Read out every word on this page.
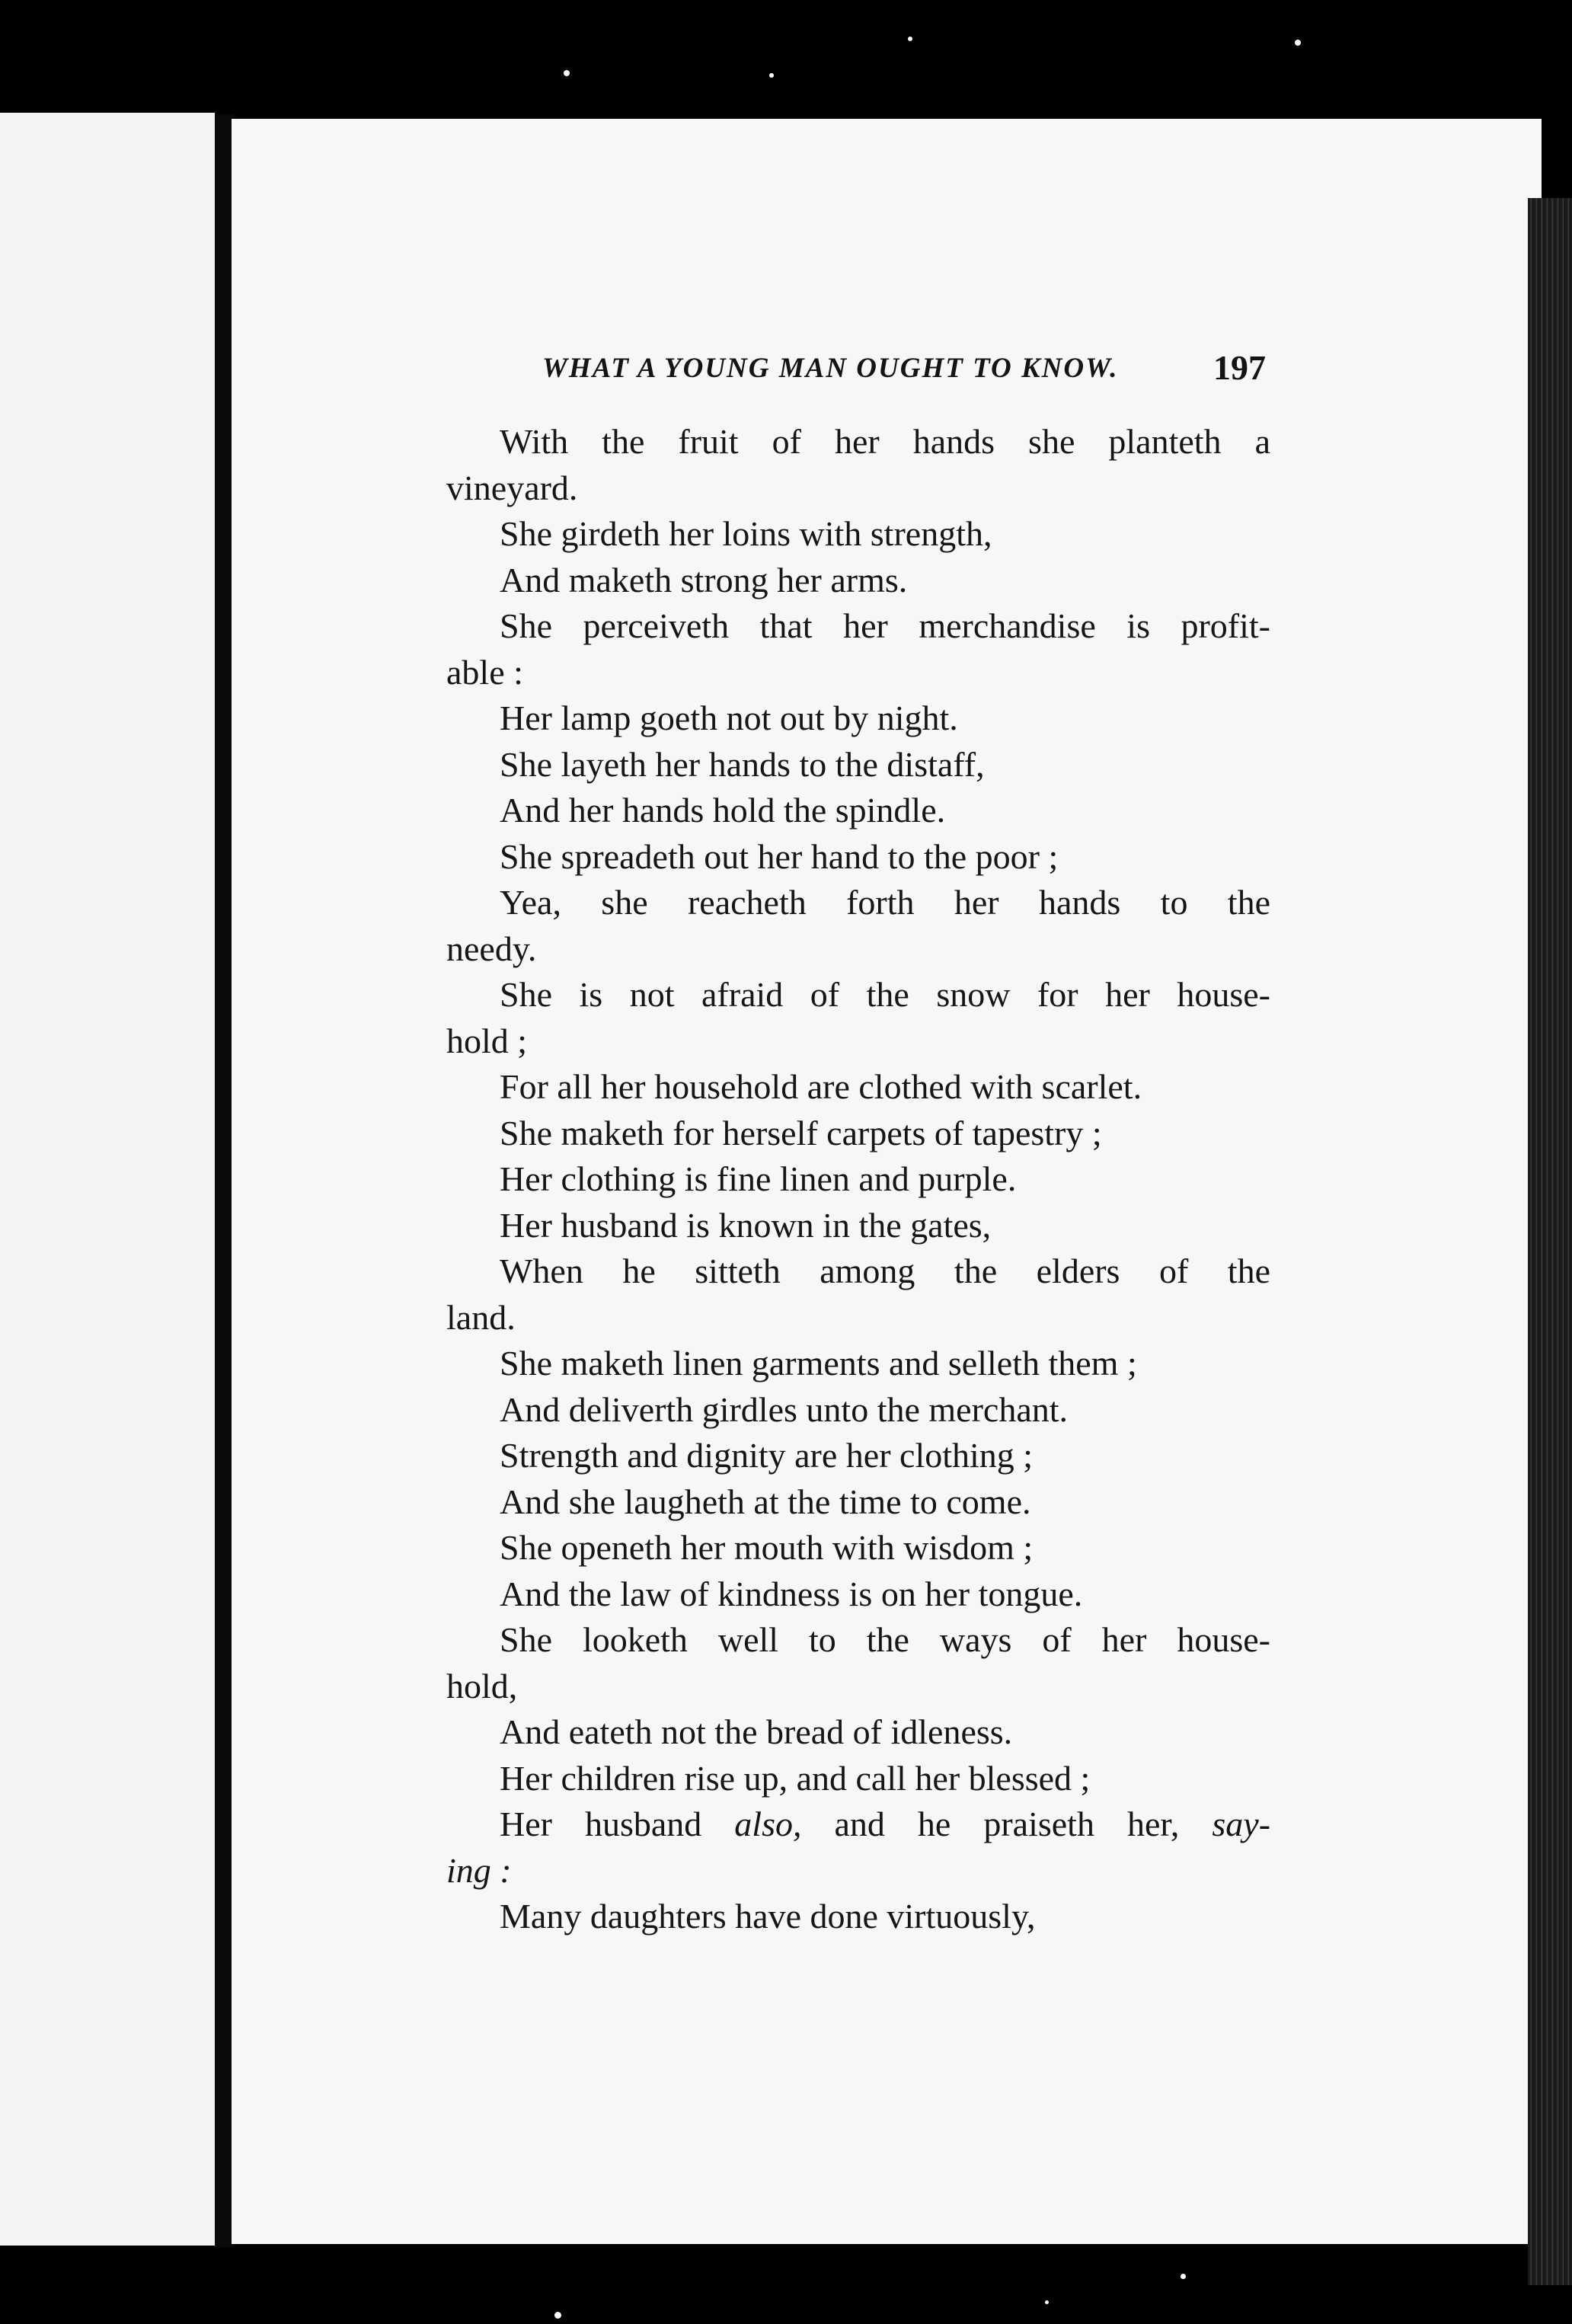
WHAT A YOUNG MAN OUGHT TO KNOW.	197
With the fruit of her hands she planteth a
vineyard.
She girdeth her loins with strength,
And maketh strong her arms.
She perceiveth that her merchandise is profit-
able :
Her lamp goeth not out by night.
She layeth her hands to the distaff,
And her hands hold the spindle.
She spreadeth out her hand to the poor ;
Yea, she reacheth forth her hands to the
needy.
She is not afraid of the snow for her house-
hold ;
For all her household are clothed with scarlet.
She maketh for herself carpets of tapestry ;
Her clothing is fine linen and purple.
Her husband is known in the gates,
When he sitteth among the elders of the
land.
She maketh linen garments and selleth them ;
And deliverth girdles unto the merchant.
Strength and dignity are her clothing ;
And she laugheth at the time to come.
She openeth her mouth with wisdom ;
And the law of kindness is on her tongue.
She looketh well to the ways of her house-
hold,
And eateth not the bread of idleness.
Her children rise up, and call her blessed ;
Her husband also, and he praiseth her, say-
ing :
Many daughters have done virtuously,
